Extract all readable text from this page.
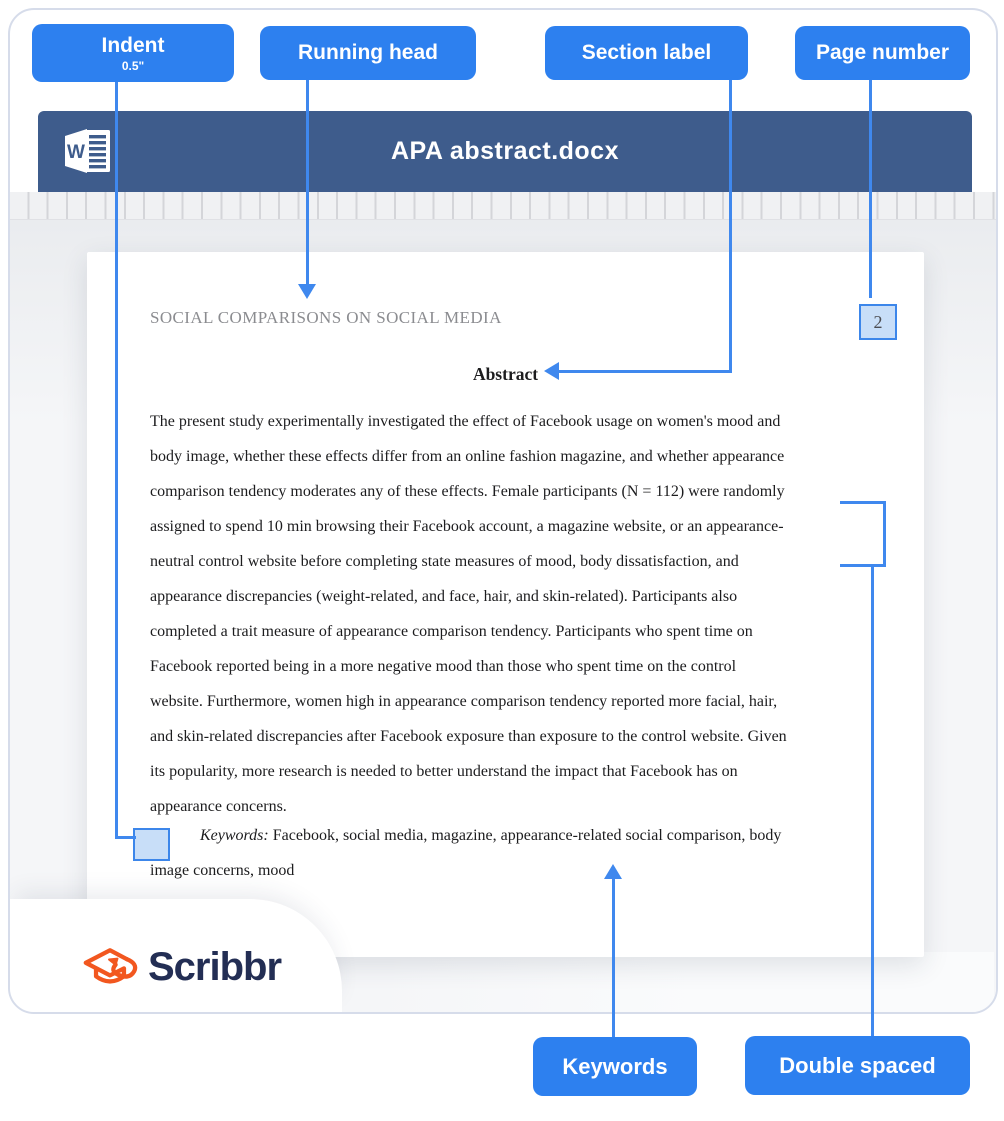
W	APA abstract.docx
SOCIAL COMPARISONS ON SOCIAL MEDIA	2
Abstract
The present study experimentally investigated the effect of Facebook usage on women's mood and
body image, whether these effects differ from an online fashion magazine, and whether appearance
comparison tendency moderates any of these effects. Female participants (N = 112) were randomly
assigned to spend 10 min browsing their Facebook account, a magazine website, or an appearance-
neutral control website before completing state measures of mood, body dissatisfaction, and
appearance discrepancies (weight-related, and face, hair, and skin-related). Participants also
completed a trait measure of appearance comparison tendency. Participants who spent time on
Facebook reported being in a more negative mood than those who spent time on the control
website. Furthermore, women high in appearance comparison tendency reported more facial, hair,
and skin-related discrepancies after Facebook exposure than exposure to the control website. Given
its popularity, more research is needed to better understand the impact that Facebook has on
appearance concerns.
Keywords: Facebook, social media, magazine, appearance-related social comparison, body
image concerns, mood
Scribbr
Indent
0.5"
Running head	Section label	Page number
Keywords	Double spaced
